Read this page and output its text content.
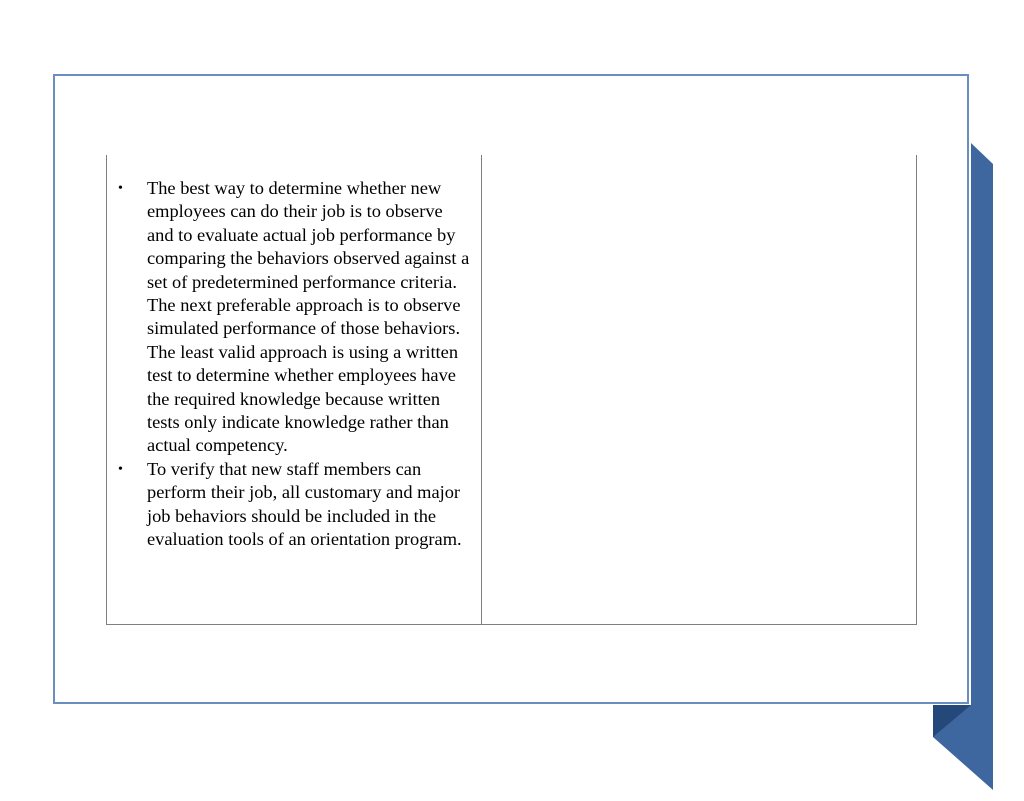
• The best way to determine whether new employees can do their job is to observe and to evaluate actual job performance by comparing the behaviors observed against a set of predetermined performance criteria. The next preferable approach is to observe simulated performance of those behaviors. The least valid approach is using a written test to determine whether employees have the required knowledge because written tests only indicate knowledge rather than actual competency.
• To verify that new staff members can perform their job, all customary and major job behaviors should be included in the evaluation tools of an orientation program.
